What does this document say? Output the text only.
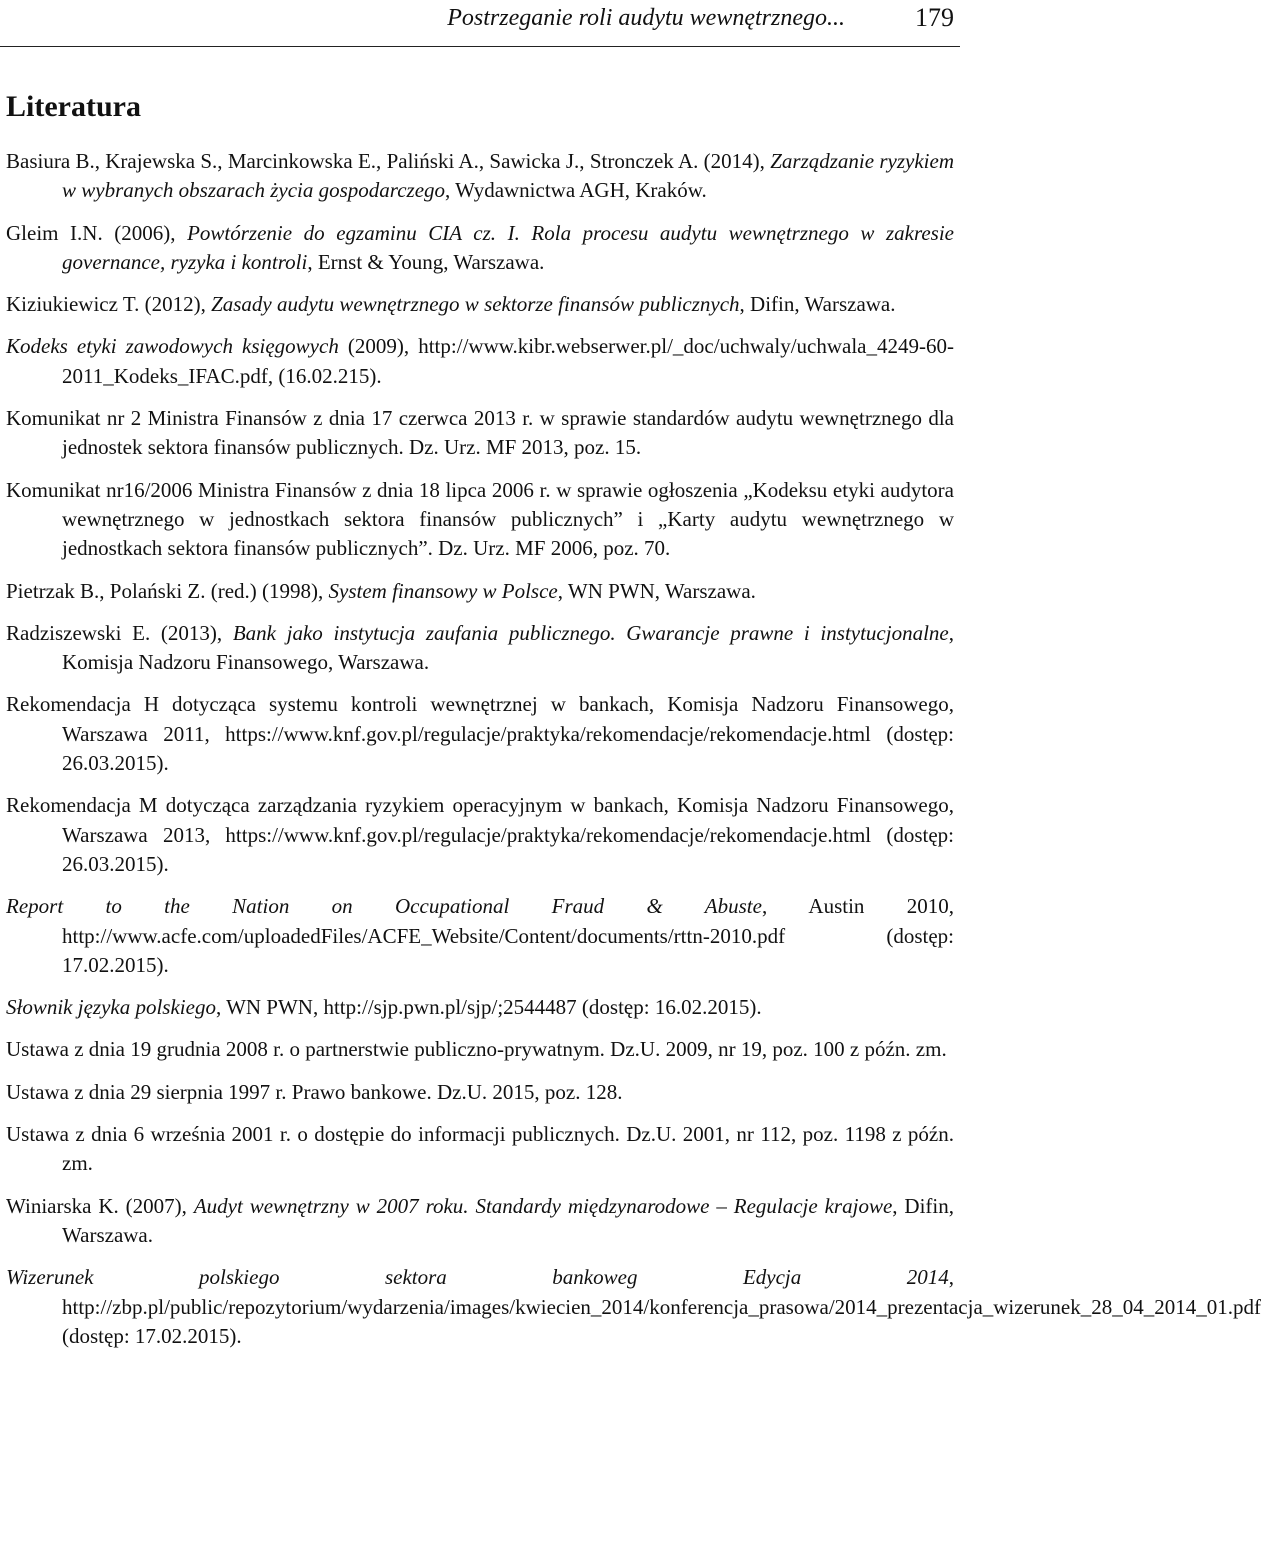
Postrzeganie roli audytu wewnętrznego...	179
Literatura
Basiura B., Krajewska S., Marcinkowska E., Paliński A., Sawicka J., Stronczek A. (2014), Zarządzanie ryzykiem w wybranych obszarach życia gospodarczego, Wydawnictwa AGH, Kraków.
Gleim I.N. (2006), Powtórzenie do egzaminu CIA cz. I. Rola procesu audytu wewnętrznego w zakresie governance, ryzyka i kontroli, Ernst & Young, Warszawa.
Kiziukiewicz T. (2012), Zasady audytu wewnętrznego w sektorze finansów publicznych, Difin, Warszawa.
Kodeks etyki zawodowych księgowych (2009), http://www.kibr.webserwer.pl/_doc/uchwaly/uchwala_4249-60-2011_Kodeks_IFAC.pdf, (16.02.215).
Komunikat nr 2 Ministra Finansów z dnia 17 czerwca 2013 r. w sprawie standardów audytu wewnętrznego dla jednostek sektora finansów publicznych. Dz. Urz. MF 2013, poz. 15.
Komunikat nr16/2006 Ministra Finansów z dnia 18 lipca 2006 r. w sprawie ogłoszenia „Kodeksu etyki audytora wewnętrznego w jednostkach sektora finansów publicznych” i „Karty audytu wewnętrznego w jednostkach sektora finansów publicznych”. Dz. Urz. MF 2006, poz. 70.
Pietrzak B., Polański Z. (red.) (1998), System finansowy w Polsce, WN PWN, Warszawa.
Radziszewski E. (2013), Bank jako instytucja zaufania publicznego. Gwarancje prawne i instytucjonalne, Komisja Nadzoru Finansowego, Warszawa.
Rekomendacja H dotycząca systemu kontroli wewnętrznej w bankach, Komisja Nadzoru Finansowego, Warszawa 2011, https://www.knf.gov.pl/regulacje/praktyka/rekomendacje/rekomendacje.html (dostęp: 26.03.2015).
Rekomendacja M dotycząca zarządzania ryzykiem operacyjnym w bankach, Komisja Nadzoru Finansowego, Warszawa 2013, https://www.knf.gov.pl/regulacje/praktyka/rekomendacje/rekomendacje.html (dostęp: 26.03.2015).
Report to the Nation on Occupational Fraud & Abuste, Austin 2010, http://www.acfe.com/uploadedFiles/ACFE_Website/Content/documents/rttn-2010.pdf (dostęp: 17.02.2015).
Słownik języka polskiego, WN PWN, http://sjp.pwn.pl/sjp/;2544487 (dostęp: 16.02.2015).
Ustawa z dnia 19 grudnia 2008 r. o partnerstwie publiczno-prywatnym. Dz.U. 2009, nr 19, poz. 100 z późn. zm.
Ustawa z dnia 29 sierpnia 1997 r. Prawo bankowe. Dz.U. 2015, poz. 128.
Ustawa z dnia 6 września 2001 r. o dostępie do informacji publicznych. Dz.U. 2001, nr 112, poz. 1198 z późn. zm.
Winiarska K. (2007), Audyt wewnętrzny w 2007 roku. Standardy międzynarodowe – Regulacje krajowe, Difin, Warszawa.
Wizerunek polskiego sektora bankoweg Edycja 2014, http://zbp.pl/public/repozytorium/wydarzenia/images/kwiecien_2014/konferencja_prasowa/2014_prezentacja_wizerunek_28_04_2014_01.pdf (dostęp: 17.02.2015).
